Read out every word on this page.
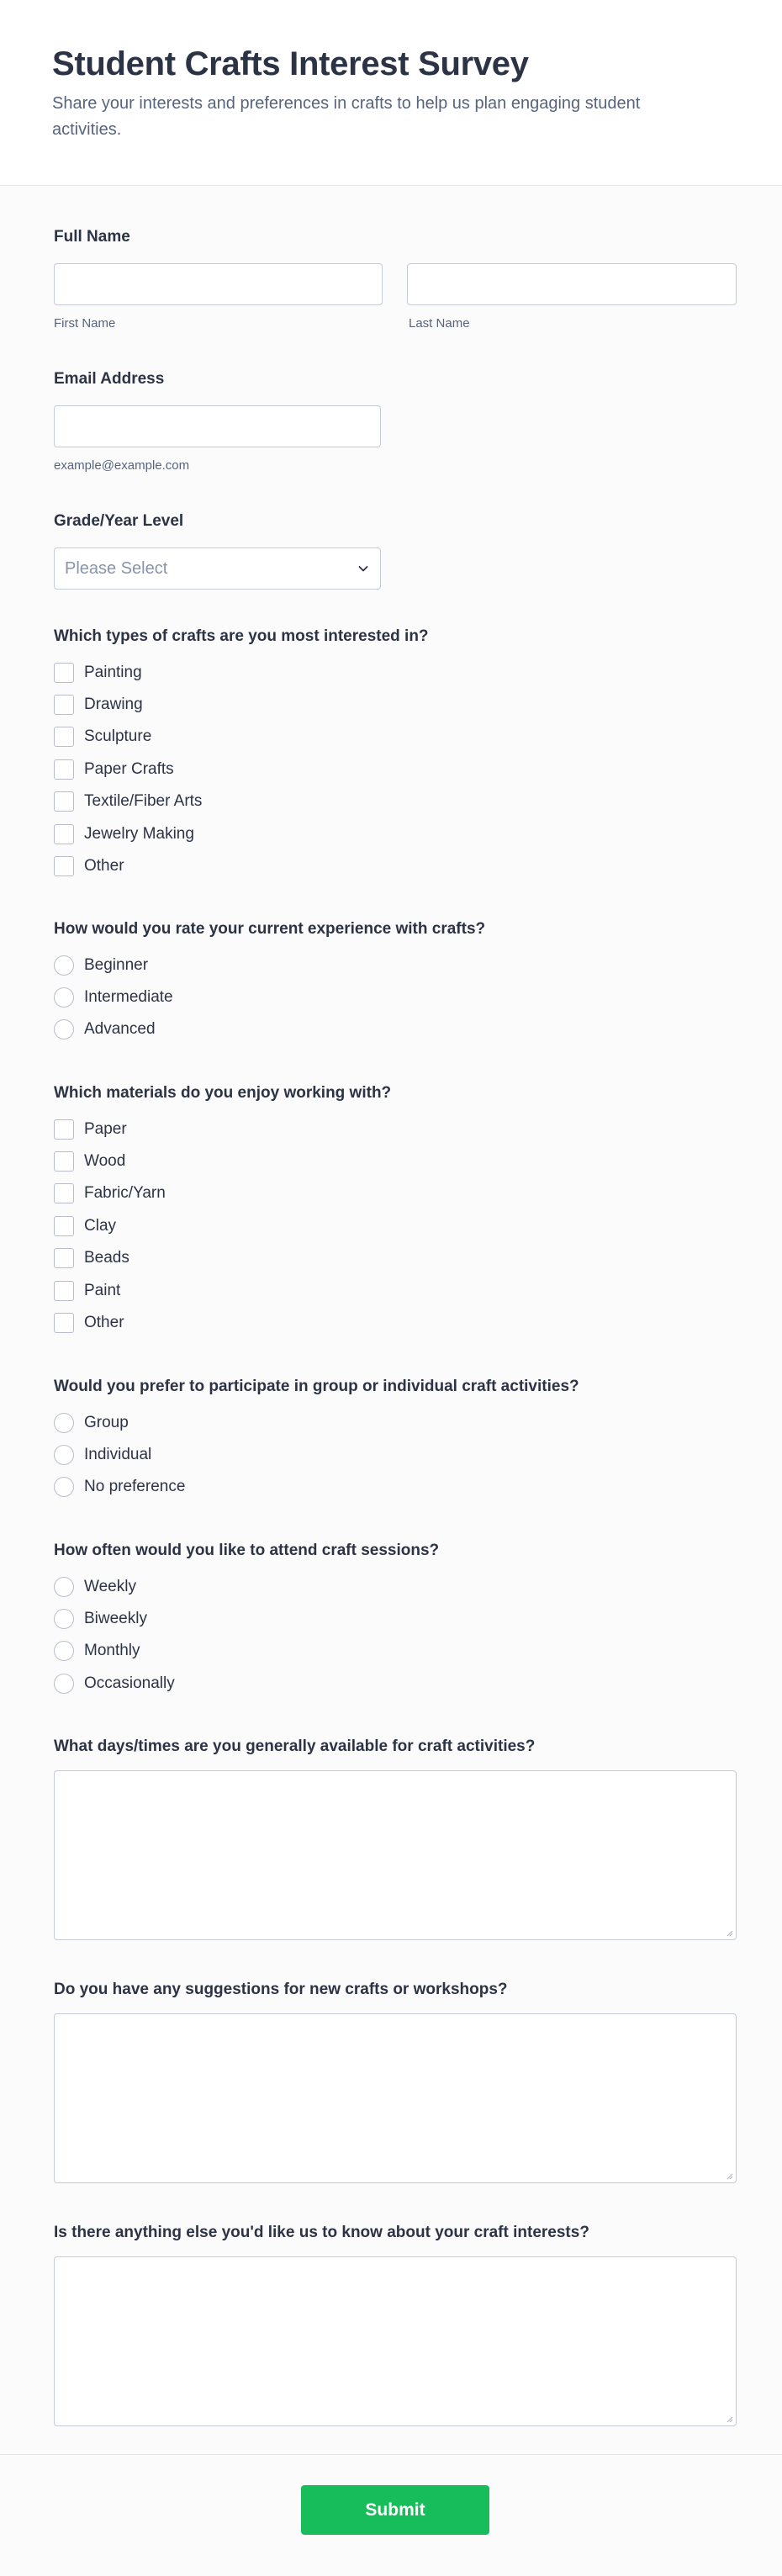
Student Crafts Interest Survey

Share your interests and preferences in crafts to help us plan engaging student activities.

Full Name
First Name	Last Name
Email Address
example@example.com
Grade/Year Level
Please Select
Which types of crafts are you most interested in?
Painting
Drawing
Sculpture
Paper Crafts
Textile/Fiber Arts
Jewelry Making
Other
How would you rate your current experience with crafts?
Beginner
Intermediate
Advanced
Which materials do you enjoy working with?
Paper
Wood
Fabric/Yarn
Clay
Beads
Paint
Other
Would you prefer to participate in group or individual craft activities?
Group
Individual
No preference
How often would you like to attend craft sessions?
Weekly
Biweekly
Monthly
Occasionally
What days/times are you generally available for craft activities?
Do you have any suggestions for new crafts or workshops?
Is there anything else you'd like us to know about your craft interests?
Submit
